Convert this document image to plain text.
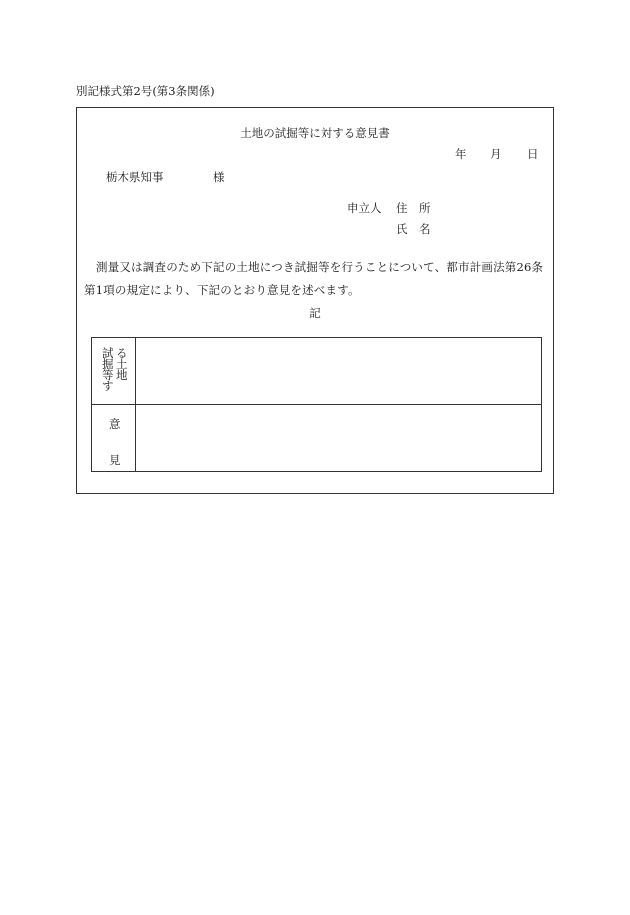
別記様式第2号(第3条関係)
土地の試掘等に対する意見書
年 月 日
栃木県知事	様
申立人 住　所
氏　名
測量又は調査のため下記の土地につき試掘等を行うことについて、都市計画法第26条
第1項の規定により、下記のとおり意見を述べます。
記
試
掘
等
す
る
土
地
意
見
